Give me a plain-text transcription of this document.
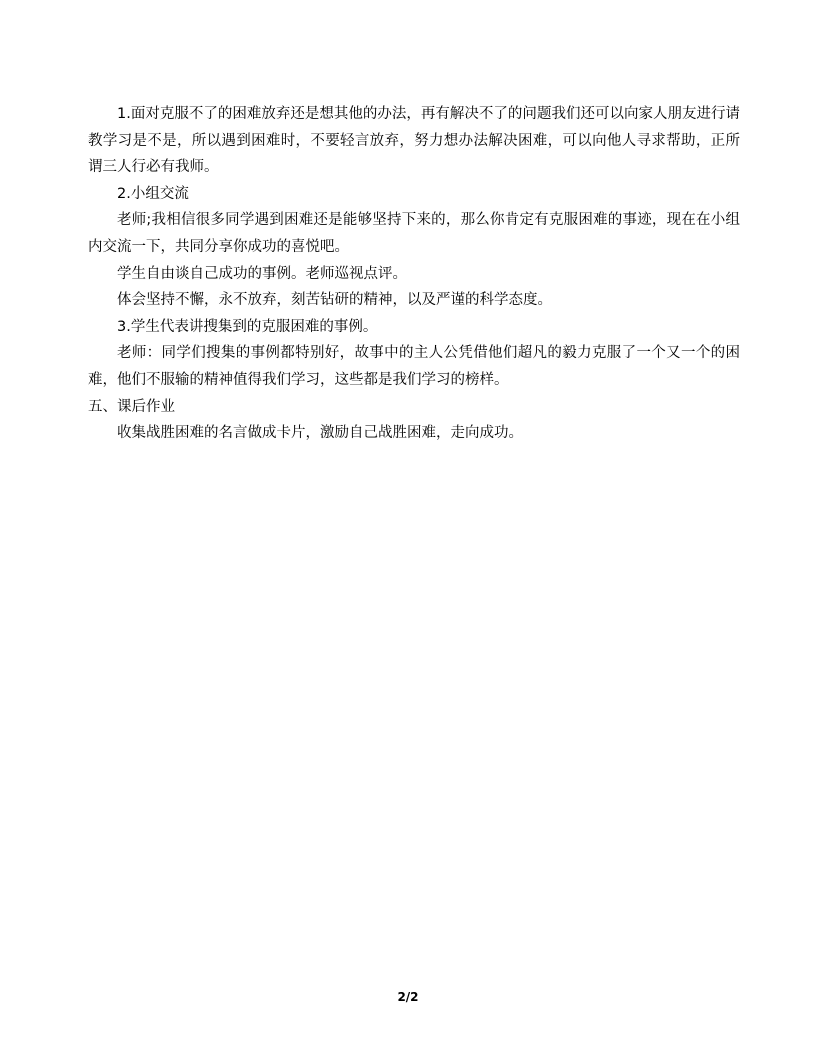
1.面对克服不了的困难放弃还是想其他的办法，再有解决不了的问题我们还可以向家人朋友进行请教学习是不是，所以遇到困难时，不要轻言放弃，努力想办法解决困难，可以向他人寻求帮助，正所谓三人行必有我师。

2.小组交流

老师;我相信很多同学遇到困难还是能够坚持下来的，那么你肯定有克服困难的事迹，现在在小组内交流一下，共同分享你成功的喜悦吧。

学生自由谈自己成功的事例。老师巡视点评。

体会坚持不懈，永不放弃，刻苦钻研的精神，以及严谨的科学态度。

3.学生代表讲搜集到的克服困难的事例。

老师：同学们搜集的事例都特别好，故事中的主人公凭借他们超凡的毅力克服了一个又一个的困难，他们不服输的精神值得我们学习，这些都是我们学习的榜样。

五、课后作业

收集战胜困难的名言做成卡片，激励自己战胜困难，走向成功。

2/2
